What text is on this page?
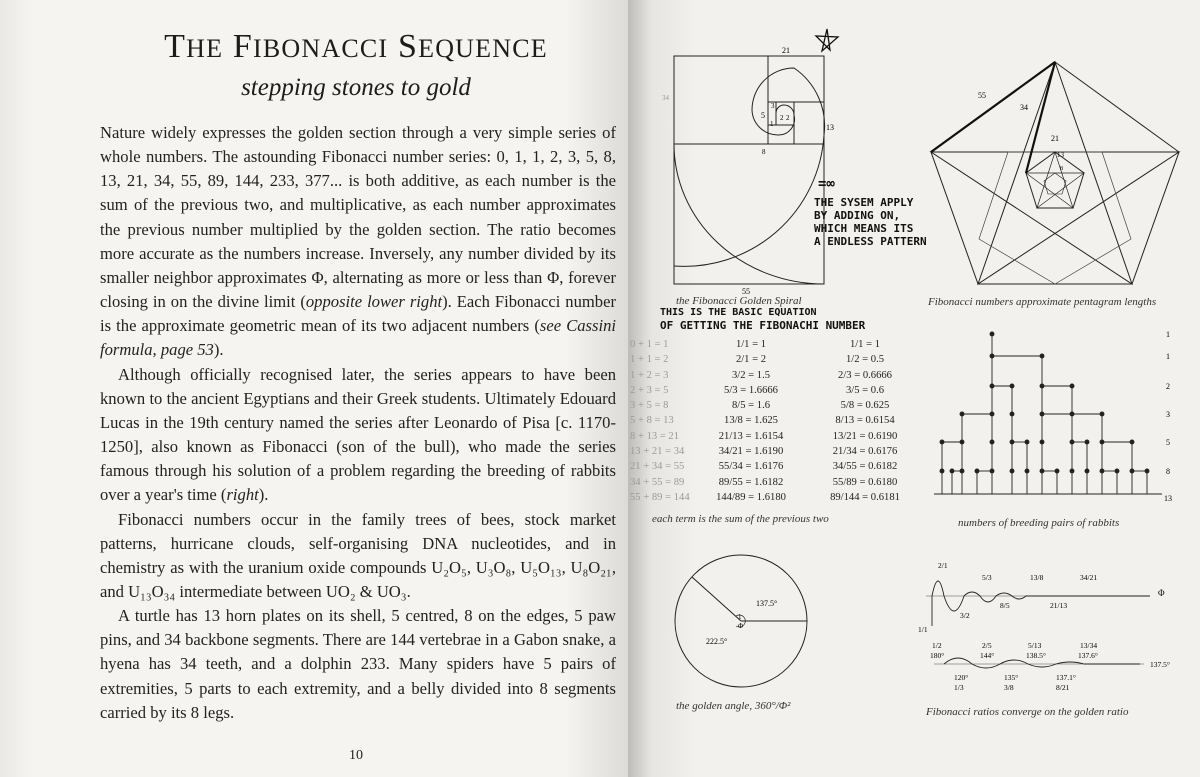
THE FIBONACCI SEQUENCE
stepping stones to gold

Nature widely expresses the golden section through a very simple series of whole numbers. The astounding Fibonacci number series: 0, 1, 1, 2, 3, 5, 8, 13, 21, 34, 55, 89, 144, 233, 377... is both additive, as each number is the sum of the previous two, and multiplicative, as each number approximates the previous number multiplied by the golden section. The ratio becomes more accurate as the numbers increase. Inversely, any number divided by its smaller neighbor approximates Φ, alternating as more or less than Φ, forever closing in on the divine limit (opposite lower right). Each Fibonacci number is the approximate geometric mean of its two adjacent numbers (see Cassini formula, page 53).

Although officially recognised later, the series appears to have been known to the ancient Egyptians and their Greek students. Ultimately Edouard Lucas in the 19th century named the series after Leonardo of Pisa [c. 1170-1250], also known as Fibonacci (son of the bull), who made the series famous through his solution of a problem regarding the breeding of rabbits over a year's time (right).

Fibonacci numbers occur in the family trees of bees, stock market patterns, hurricane clouds, self-organising DNA nucleotides, and in chemistry as with the uranium oxide compounds U₂O₅, U₃O₈, U₅O₁₃, U₈O₂₁, and U₁₃O₃₄ intermediate between UO₂ & UO₃.

A turtle has 13 horn plates on its shell, 5 centred, 8 on the edges, 5 paw pins, and 34 backbone segments. There are 144 vertebrae in a Gabon snake, a hyena has 34 teeth, and a dolphin 233. Many spiders have 5 pairs of extremities, 5 parts to each extremity, and a belly divided into 8 segments carried by its 8 legs.

10
21
34
5
3
2 2
1	13
8
55
the Fibonacci Golden Spiral
=∞
THE SYSEM APPLY
BY ADDING ON,
WHICH MEANS ITS
A ENDLESS PATTERN
THIS IS THE BASIC EQUATION
OF GETTING THE FIBONACHI NUMBER
55
34
21
13
8
Fibonacci numbers approximate pentagram lengths
0 + 1 = 1	1/1 = 1	1/1 = 1
1 + 1 = 2	2/1 = 2	1/2 = 0.5
1 + 2 = 3	3/2 = 1.5	2/3 = 0.6666
2 + 3 = 5	5/3 = 1.6666	3/5 = 0.6
3 + 5 = 8	8/5 = 1.6	5/8 = 0.625
5 + 8 = 13	13/8 = 1.625	8/13 = 0.6154
8 + 13 = 21	21/13 = 1.6154	13/21 = 0.6190
13 + 21 = 34	34/21 = 1.6190	21/34 = 0.6176
21 + 34 = 55	55/34 = 1.6176	34/55 = 0.6182
34 + 55 = 89	89/55 = 1.6182	55/89 = 0.6180
55 + 89 = 144	144/89 = 1.6180	89/144 = 0.6181
each term is the sum of the previous two
1
1
2
3
5
8
13
numbers of breeding pairs of rabbits
137.5°
1
Φ
222.5°
the golden angle, 360°/Φ²
2/1
5/3	13/8	34/21
3/2
8/5	21/13
1/1
Φ
1/2
180°
2/5
144°
5/13
138.5°
13/34
137.6°
120°
1/3
135°
3/8
137.1°
8/21
137.5°
Fibonacci ratios converge on the golden ratio
